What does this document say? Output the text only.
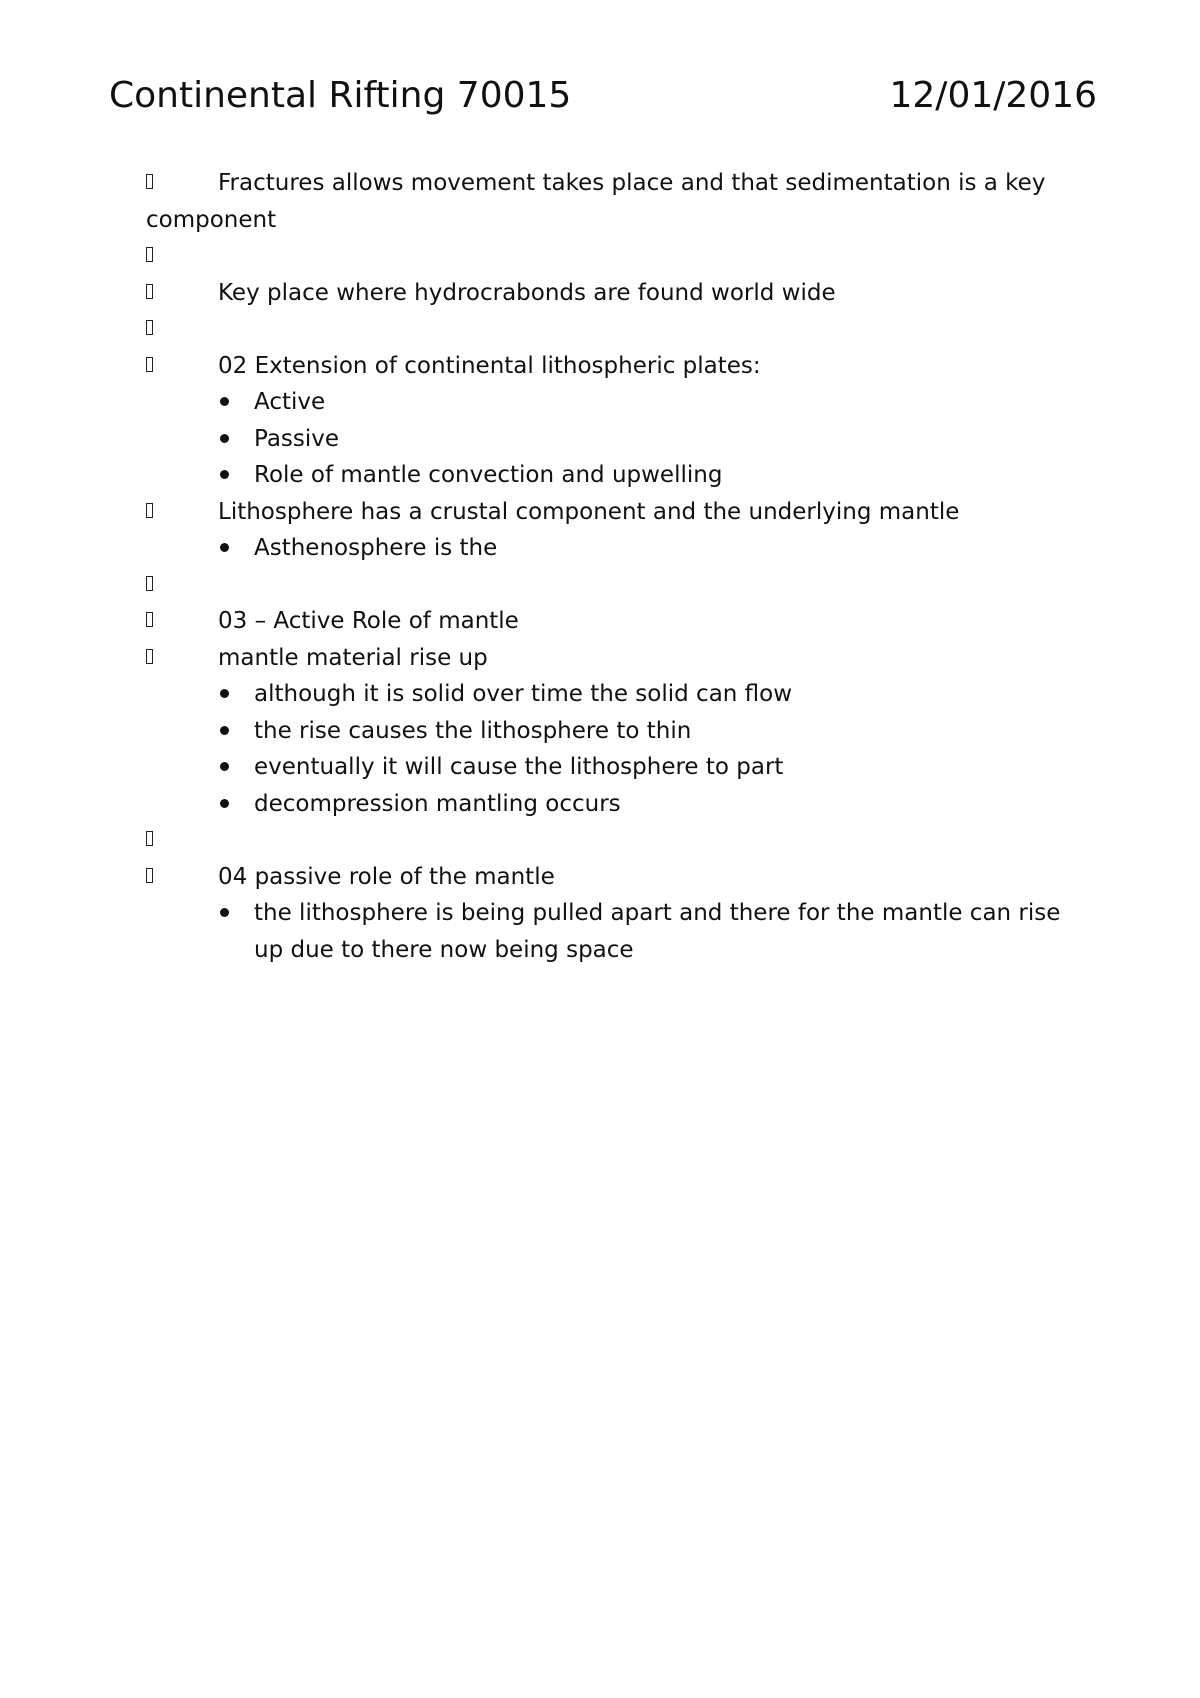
Continental Rifting 70015	12/01/2016
Fractures allows movement takes place and that sedimentation is a key component
Key place where hydrocrabonds are found world wide
02 Extension of continental lithospheric plates:
Active
Passive
Role of mantle convection and upwelling
Lithosphere has a crustal component and the underlying mantle
Asthenosphere is the
03 – Active Role of mantle
mantle material rise up
although it is solid over time the solid can flow
the rise causes the lithosphere to thin
eventually it will cause the lithosphere to part
decompression mantling occurs
04 passive role of the mantle
the lithosphere is being pulled apart and there for the mantle can rise up due to there now being space
